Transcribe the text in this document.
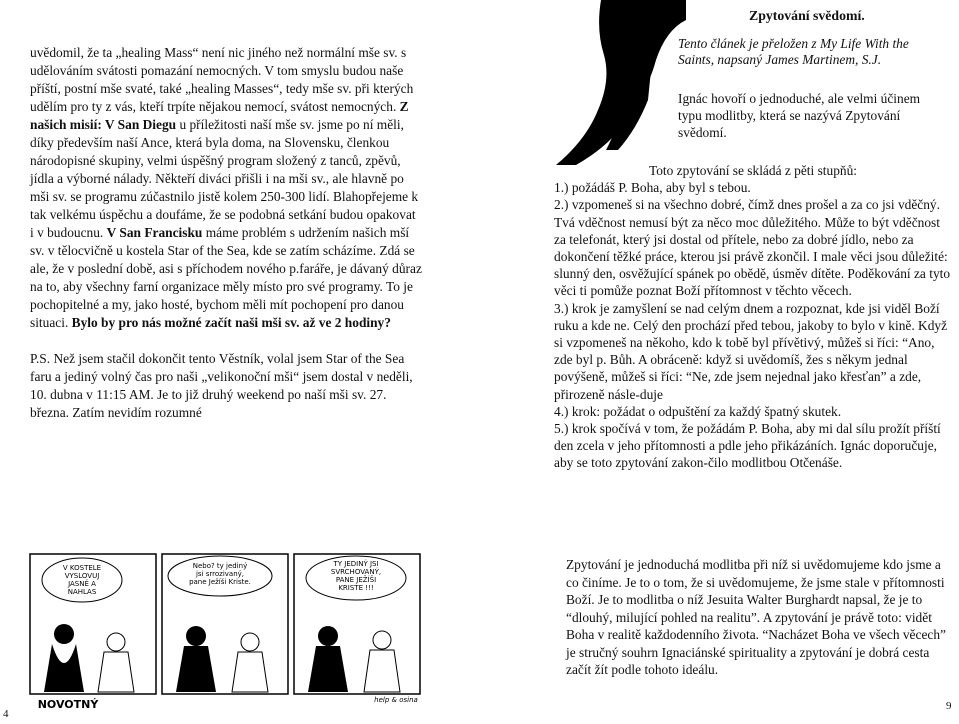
uvědomil, že ta „healing Mass“ není nic jiného než normální mše sv. s udělováním svátosti pomazání nemocných. V tom smyslu budou naše příští, postní mše svaté, také „healing Masses“, tedy mše sv. při kterých udělím pro ty z vás, kteří trpíte nějakou nemocí, svátost nemocných. Z našich misií: V San Diegu u příležitosti naší mše sv. jsme po ní měli, díky především naší Ance, která byla doma, na Slovensku, členkou národopisné skupiny, velmi úspěšný program složený z tanců, zpěvů, jídla a výborné nálady. Někteří diváci přišli i na mši sv., ale hlavně po mši sv. se programu zúčastnilo jistě kolem 250-300 lidí. Blahopřejeme k tak velkému úspěchu a doufáme, že se podobná setkání budou opakovat i v budoucnu. V San Francisku máme problém s udržením našich mší sv. v tělocvičně u kostela Star of the Sea, kde se zatím scházíme. Zdá se ale, že v poslední době, asi s příchodem nového p.faráře, je dávaný důraz na to, aby všechny farní organizace měly místo pro své programy. To je pochopitelné a my, jako hosté, bychom měli mít pochopení pro danou situaci. Bylo by pro nás možné začít naši mši sv. až ve 2 hodiny?

P.S. Než jsem stačil dokončit tento Věstník, volal jsem Star of the Sea faru a jediný volný čas pro naši „velikonoční mši“ jsem dostal v neděli, 10. dubna v 11:15 AM. Je to již druhý weekend po naší mši sv. 27. března. Zatím nevidím rozumné

V KOSTELE
VYSLOVUJ
JASNĚ A
NAHLAS
Nebo? ty jediný
jsi srrozivaný,
pane Ježíši Kriste.
TY JEDINÝ JSI
SVRCHOVANÝ,
PANE JEŽÍŠI
KRISTE !!!
NOVOTNÝ	help & osina
4
Zpytování svědomí.
Tento článek je přeložen z My Life With the Saints, napsaný James Martinem, S.J.
Ignác hovoří o jednoduché, ale velmi účinem typu modlitby, která se nazývá Zpytování svědomí.

Toto zpytování se skládá z pěti stupňů:

1.) požádáš P. Boha, aby byl s tebou.

2.) vzpomeneš si na všechno dobré, čímž dnes prošel a za co jsi vděčný. Tvá vděčnost nemusí být za něco moc důležitého. Může to být vděčnost za telefonát, který jsi dostal od přítele, nebo za dobré jídlo, nebo za dokončení těžké práce, kterou jsi právě zkončil. I male věci jsou důležité: slunný den, osvěžující spánek po obědě, úsměv dítěte. Poděkování za tyto věci ti pomůže poznat Boží přítomnost v těchto věcech.

3.) krok je zamyšlení se nad celým dnem a rozpoznat, kde jsi viděl Boží ruku a kde ne. Celý den prochází před tebou, jakoby to bylo v kině. Když si vzpomeneš na někoho, kdo k tobě byl přívětivý, můžeš si říci: “Ano, zde byl p. Bůh. A obráceně: když si uvědomíš, žes s někym jednal povýšeně, můžeš si říci: “Ne, zde jsem nejednal jako křesťan” a zde, přirozeně násle-duje

4.) krok: požádat o odpuštění za každý špatný skutek.

5.) krok spočívá v tom, že požádám P. Boha, aby mi dal sílu prožít příští den zcela v jeho přítomnosti a pdle jeho přikázáních. Ignác doporučuje, aby se toto zpytování zakon-čilo modlitbou Otčenáše.

Zpytování je jednoduchá modlitba při níž si uvědomujeme kdo jsme a co činíme. Je to o tom, že si uvědomujeme, že jsme stale v přítomnosti Boží. Je to modlitba o níž Jesuita Walter Burghardt napsal, že je to “dlouhý, milující pohled na realitu”. A zpytování je právě toto: vidět Boha v realitě každodenního života. “Nacházet Boha ve všech věcech” je stručný souhrn Ignaciánské spirituality a zpytování je dobrá cesta začít žít podle tohoto ideálu.
9
